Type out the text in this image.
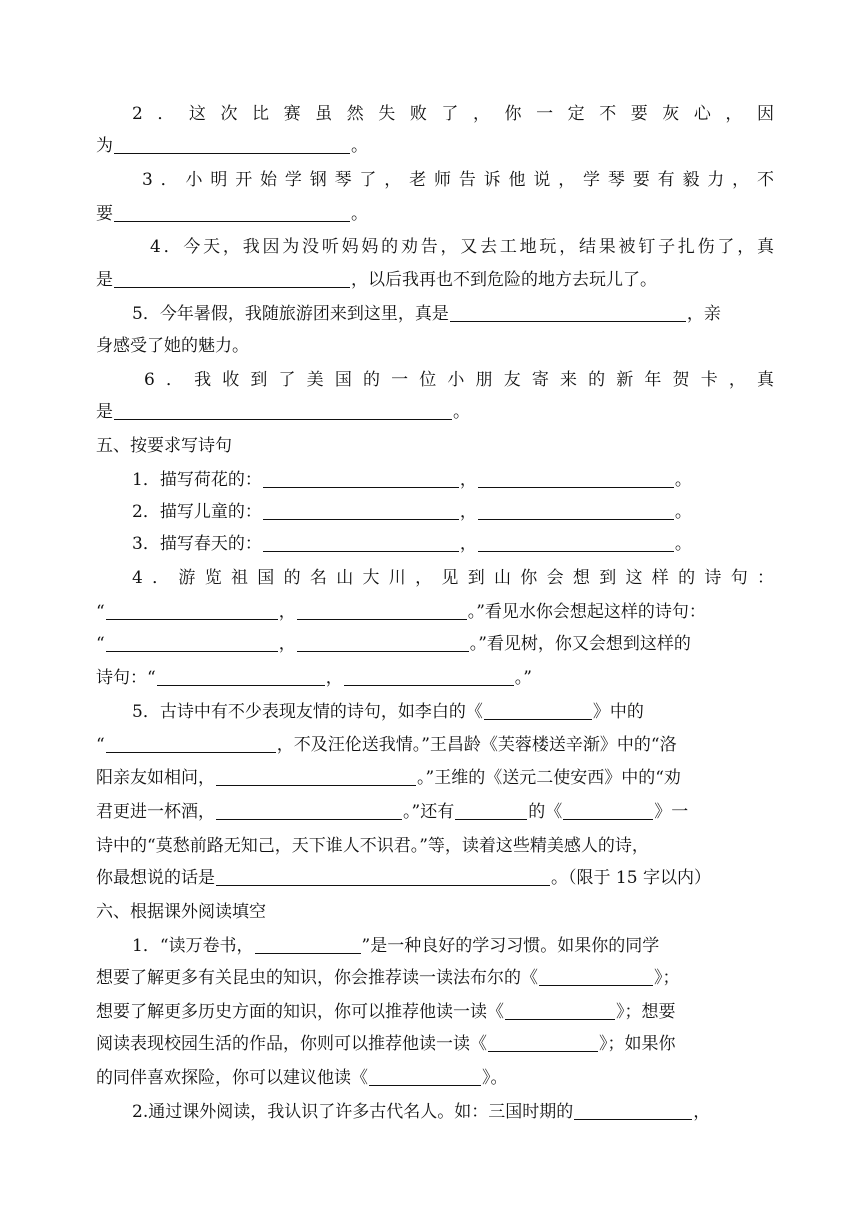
2．这次比赛虽然失败了，你一定不要灰心，因
为	。
3．小明开始学钢琴了，老师告诉他说，学琴要有毅力，不
要	。
4．今天，我因为没听妈妈的劝告，又去工地玩，结果被钉子扎伤了，真
是	，以后我再也不到危险的地方去玩儿了。
5．今年暑假，我随旅游团来到这里，真是	，亲
身感受了她的魅力。
6．我收到了美国的一位小朋友寄来的新年贺卡，真
是	。
五、按要求写诗句
1．描写荷花的：	，	。
2．描写儿童的：	，	。
3．描写春天的：	，	。
4．游览祖国的名山大川，见到山你会想到这样的诗句：
“	，	。”看见水你会想起这样的诗句：
“	，	。”看见树，你又会想到这样的
诗句：“	，	。”
5．古诗中有不少表现友情的诗句，如李白的《	》中的
“	，不及汪伦送我情。”王昌龄《芙蓉楼送辛渐》中的“洛
阳亲友如相问，	。”王维的《送元二使安西》中的“劝
君更进一杯酒，	。”还有	的《	》一
诗中的“莫愁前路无知己，天下谁人不识君。”等，读着这些精美感人的诗，
你最想说的话是	。（限于 15 字以内）
六、根据课外阅读填空
1．“读万卷书，	”是一种良好的学习习惯。如果你的同学
想要了解更多有关昆虫的知识，你会推荐读一读法布尔的《	》；
想要了解更多历史方面的知识，你可以推荐他读一读《	》；想要
阅读表现校园生活的作品，你则可以推荐他读一读《	》；如果你
的同伴喜欢探险，你可以建议他读《	》。
2.通过课外阅读，我认识了许多古代名人。如：三国时期的	，
